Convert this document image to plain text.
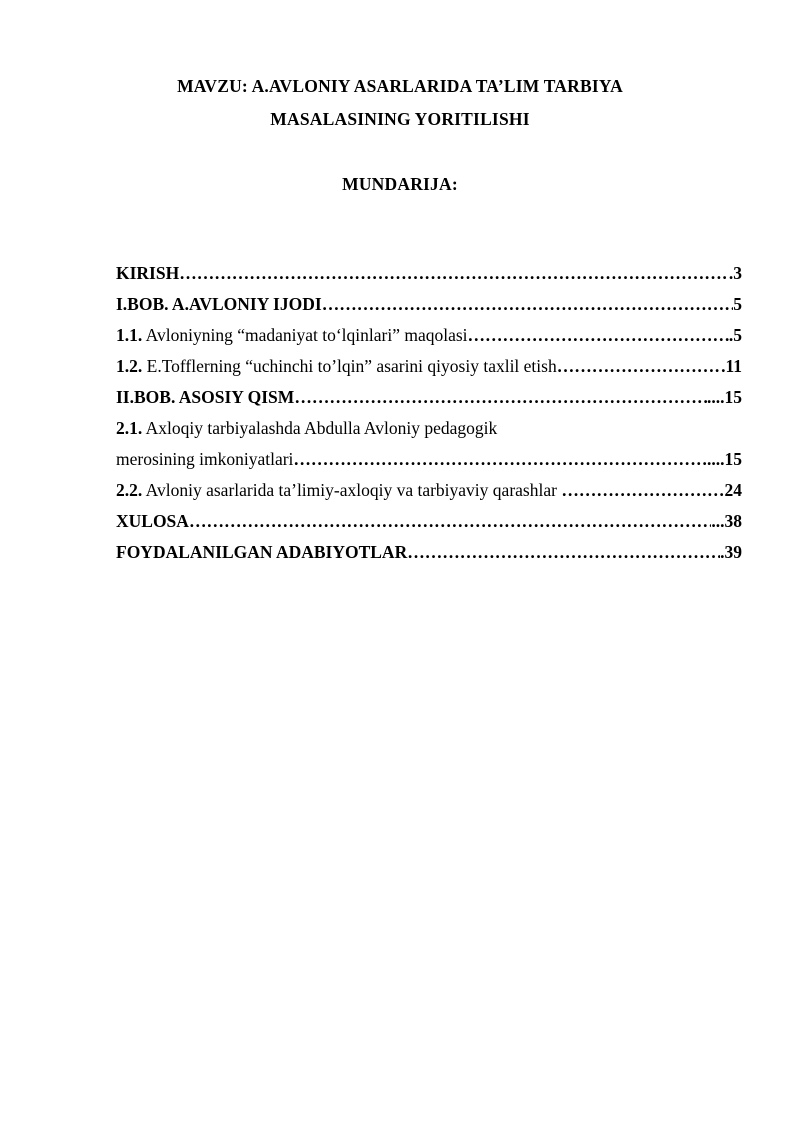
MAVZU: A.AVLONIY ASARLARIDA TA’LIM TARBIYA
MASALASINING YORITILISHI
MUNDARIJA:
KIRISH ……………………………………………………………………………………………………………………………………………………………………	.3
I.BOB. A.AVLONIY IJODI ……………………………………………………………………………………………………………………………………………………………………	5
1.1. Avloniyning “madaniyat to‘lqinlari” maqolasi ……………………………………………………………………………………………………………………………………………………………………	.5
1.2. E.Tofflerning “uchinchi to’lqin” asarini qiyosiy taxlil etish ……………………………………………………………………………………………………………………………………………………………………	.11
II.BOB. ASOSIY QISM ……………………………………………………………………………………………………………………………………………………………………	....15
2.1. Axloqiy tarbiyalashda Abdulla Avloniy pedagogik
merosining imkoniyatlari ……………………………………………………………………………………………………………………………………………………………………	....15
2.2. Avloniy asarlarida ta’limiy-axloqiy va tarbiyaviy qarashlar ……………………………………………………………………………………………………………………………………………………………………	…24
XULOSA ……………………………………………………………………………………………………………………………………………………………………	...38
FOYDALANILGAN ADABIYOTLAR ……………………………………………………………………………………………………………………………………………………………………	.39
